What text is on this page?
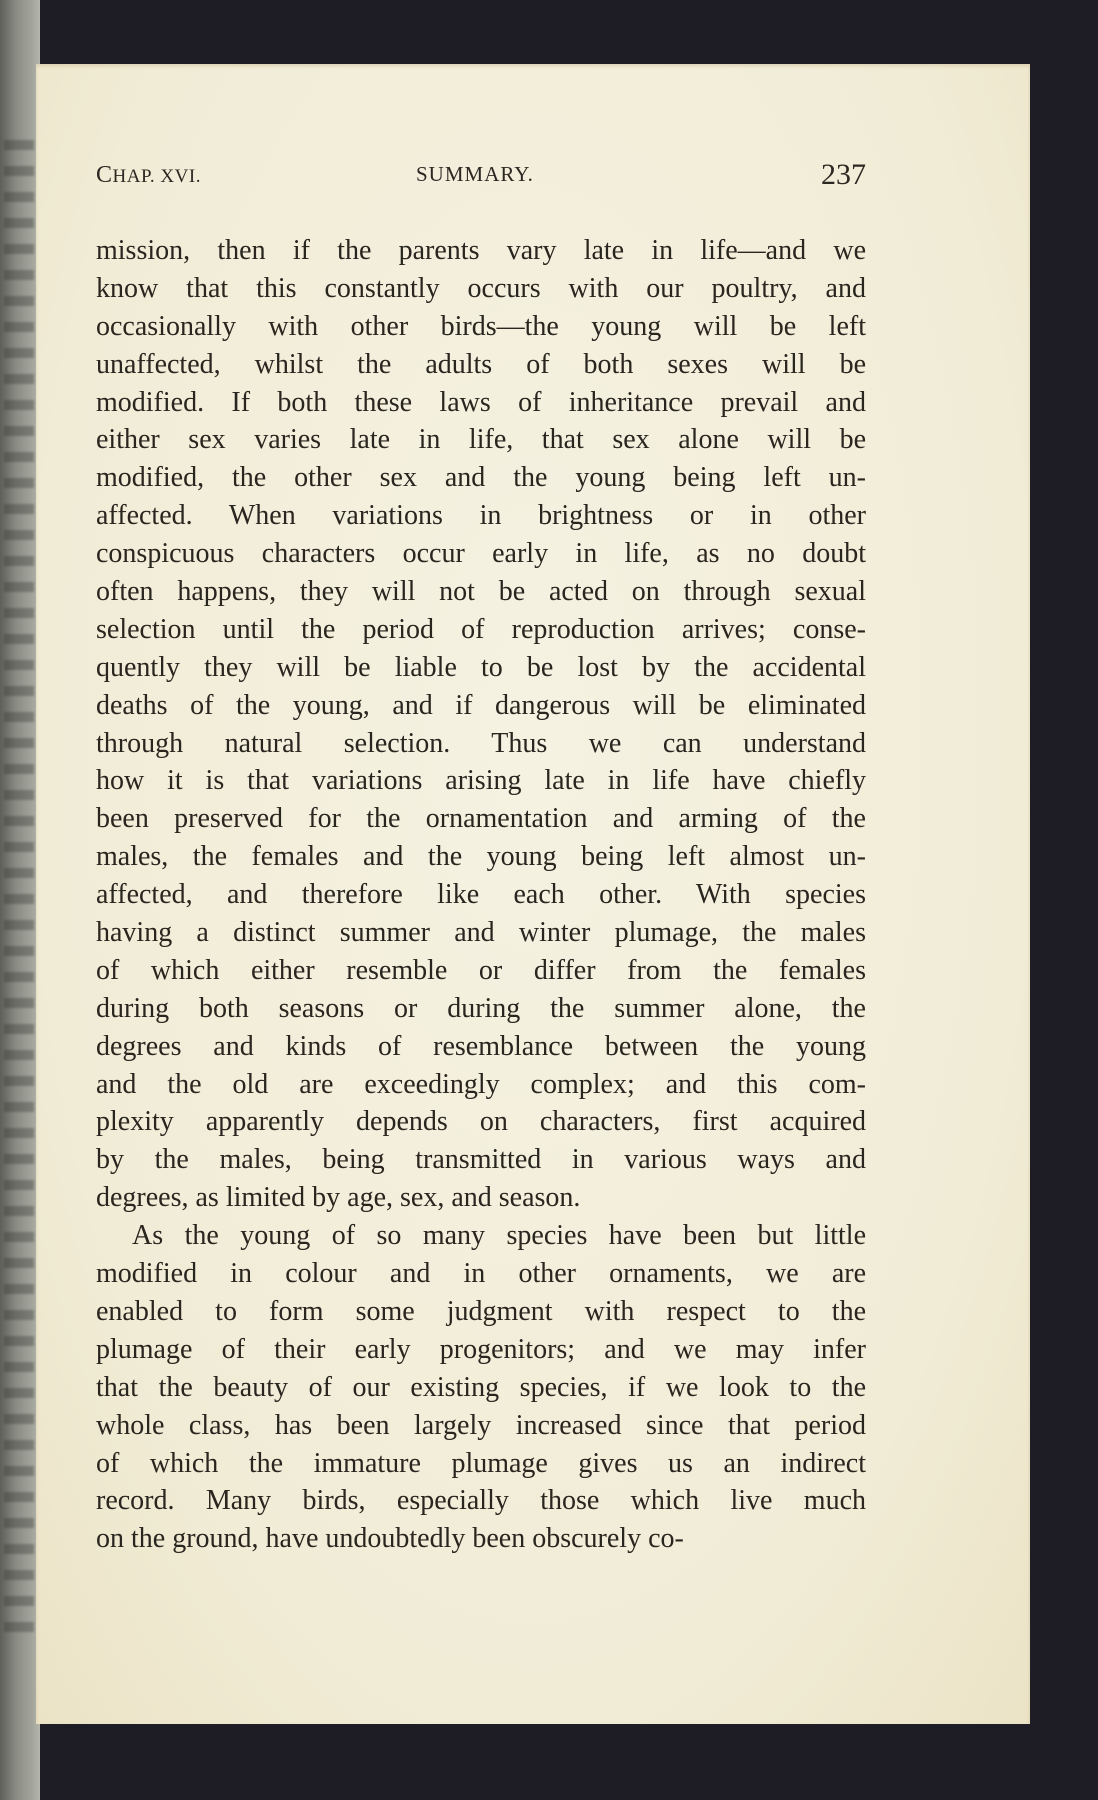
CHAP. XVI.	SUMMARY.	237
mission, then if the parents vary late in life—and we
know that this constantly occurs with our poultry, and
occasionally with other birds—the young will be left
unaffected, whilst the adults of both sexes will be
modified. If both these laws of inheritance prevail and
either sex varies late in life, that sex alone will be
modified, the other sex and the young being left un-
affected. When variations in brightness or in other
conspicuous characters occur early in life, as no doubt
often happens, they will not be acted on through sexual
selection until the period of reproduction arrives; conse-
quently they will be liable to be lost by the accidental
deaths of the young, and if dangerous will be eliminated
through natural selection. Thus we can understand
how it is that variations arising late in life have chiefly
been preserved for the ornamentation and arming of the
males, the females and the young being left almost un-
affected, and therefore like each other. With species
having a distinct summer and winter plumage, the males
of which either resemble or differ from the females
during both seasons or during the summer alone, the
degrees and kinds of resemblance between the young
and the old are exceedingly complex; and this com-
plexity apparently depends on characters, first acquired
by the males, being transmitted in various ways and
degrees, as limited by age, sex, and season.
As the young of so many species have been but little
modified in colour and in other ornaments, we are
enabled to form some judgment with respect to the
plumage of their early progenitors; and we may infer
that the beauty of our existing species, if we look to the
whole class, has been largely increased since that period
of which the immature plumage gives us an indirect
record. Many birds, especially those which live much
on the ground, have undoubtedly been obscurely co-
